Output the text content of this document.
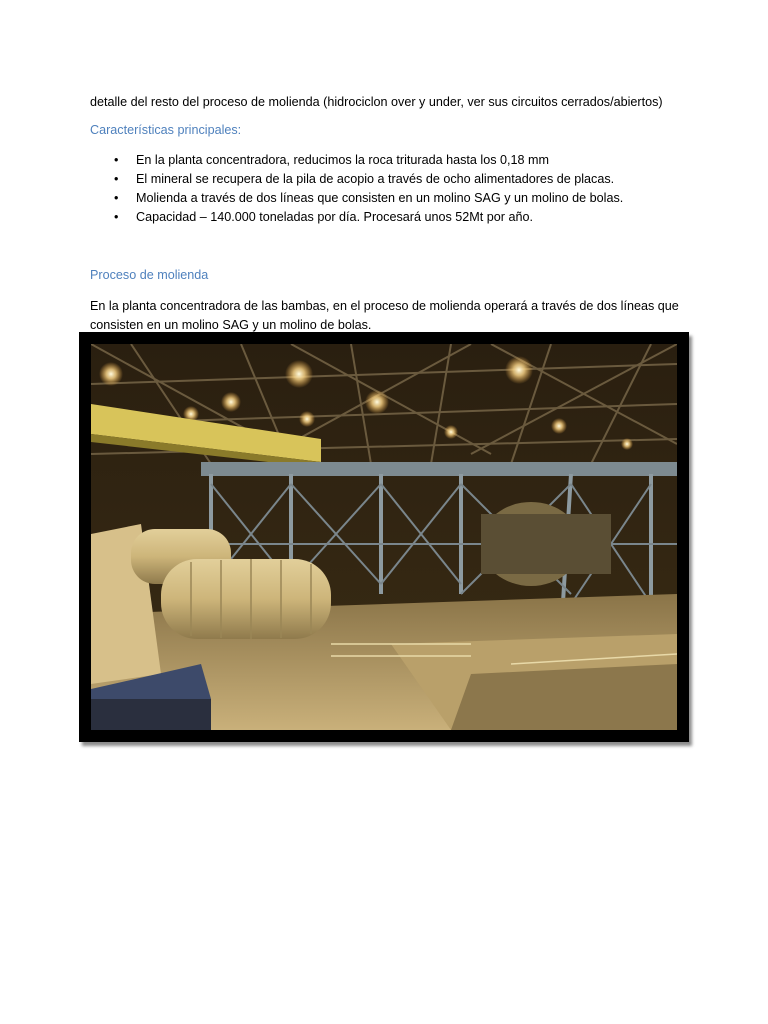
detalle del resto del proceso de molienda (hidrociclon over y under, ver sus circuitos cerrados/abiertos)
Características principales:
• En la planta concentradora, reducimos la roca triturada hasta los 0,18 mm
• El mineral se recupera de la pila de acopio a través de ocho alimentadores de placas.
• Molienda a través de dos líneas que consisten en un molino SAG y un molino de bolas.
• Capacidad – 140.000 toneladas por día. Procesará unos 52Mt por año.
Proceso de molienda
En la planta concentradora de las bambas, en el proceso de molienda operará a través de dos líneas que consisten en un molino SAG y un molino de bolas.
